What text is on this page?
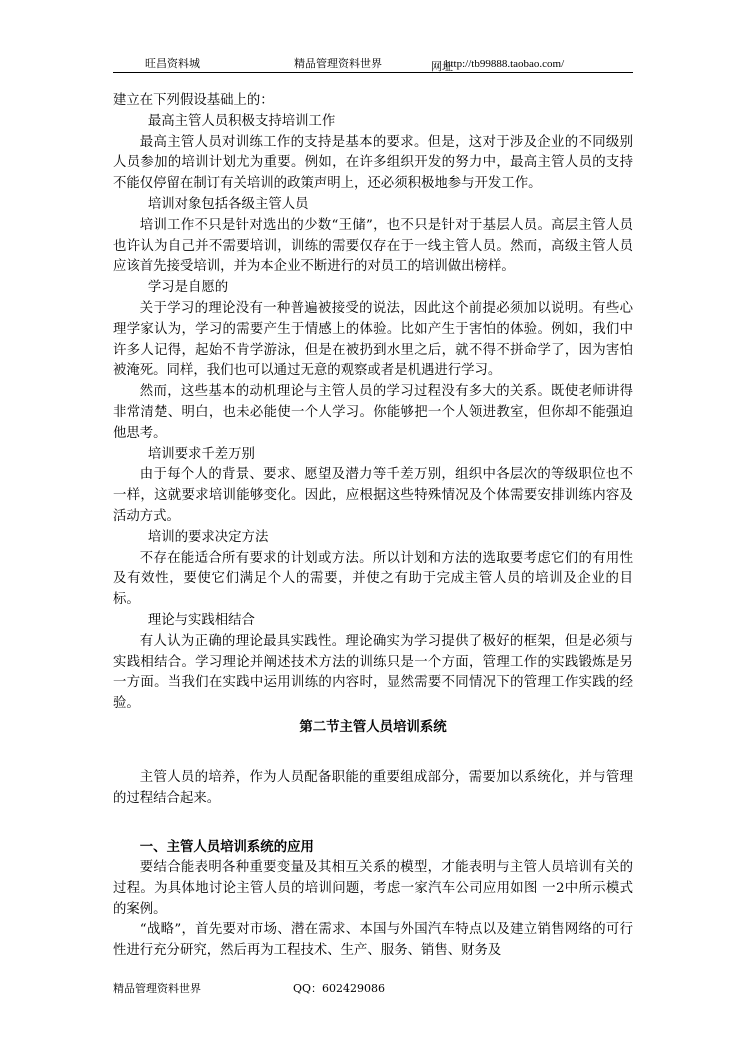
旺昌资料城	精品管理资料世界	网址
http://tb99888.taobao.com/

建立在下列假设基础上的：

最高主管人员积极支持培训工作

最高主管人员对训练工作的支持是基本的要求。但是，这对于涉及企业的不同级别人员参加的培训计划尤为重要。例如，在许多组织开发的努力中，最高主管人员的支持不能仅停留在制订有关培训的政策声明上，还必须积极地参与开发工作。

培训对象包括各级主管人员

培训工作不只是针对选出的少数“王储”，也不只是针对于基层人员。高层主管人员也许认为自己并不需要培训，训练的需要仅存在于一线主管人员。然而，高级主管人员应该首先接受培训，并为本企业不断进行的对员工的培训做出榜样。

学习是自愿的

关于学习的理论没有一种普遍被接受的说法，因此这个前提必须加以说明。有些心理学家认为，学习的需要产生于情感上的体验。比如产生于害怕的体验。例如，我们中许多人记得，起始不肯学游泳，但是在被扔到水里之后，就不得不拼命学了，因为害怕被淹死。同样，我们也可以通过无意的观察或者是机遇进行学习。

然而，这些基本的动机理论与主管人员的学习过程没有多大的关系。既使老师讲得非常清楚、明白，也未必能使一个人学习。你能够把一个人领进教室，但你却不能强迫他思考。

培训要求千差万别

由于每个人的背景、要求、愿望及潜力等千差万别，组织中各层次的等级职位也不一样，这就要求培训能够变化。因此，应根据这些特殊情况及个体需要安排训练内容及活动方式。

培训的要求决定方法

不存在能适合所有要求的计划或方法。所以计划和方法的选取要考虑它们的有用性及有效性，要使它们满足个人的需要，并使之有助于完成主管人员的培训及企业的目标。

理论与实践相结合

有人认为正确的理论最具实践性。理论确实为学习提供了极好的框架，但是必须与实践相结合。学习理论并阐述技术方法的训练只是一个方面，管理工作的实践锻炼是另一方面。当我们在实践中运用训练的内容时，显然需要不同情况下的管理工作实践的经验。

第二节主管人员培训系统

主管人员的培养，作为人员配备职能的重要组成部分，需要加以系统化，并与管理的过程结合起来。

一、主管人员培训系统的应用

要结合能表明各种重要变量及其相互关系的模型，才能表明与主管人员培训有关的过程。为具体地讨论主管人员的培训问题，考虑一家汽车公司应用如图 一2中所示模式的案例。

“战略”，首先要对市场、潜在需求、本国与外国汽车特点以及建立销售网络的可行性进行充分研究，然后再为工程技术、生产、服务、销售、财务及

精品管理资料世界	QQ：602429086
